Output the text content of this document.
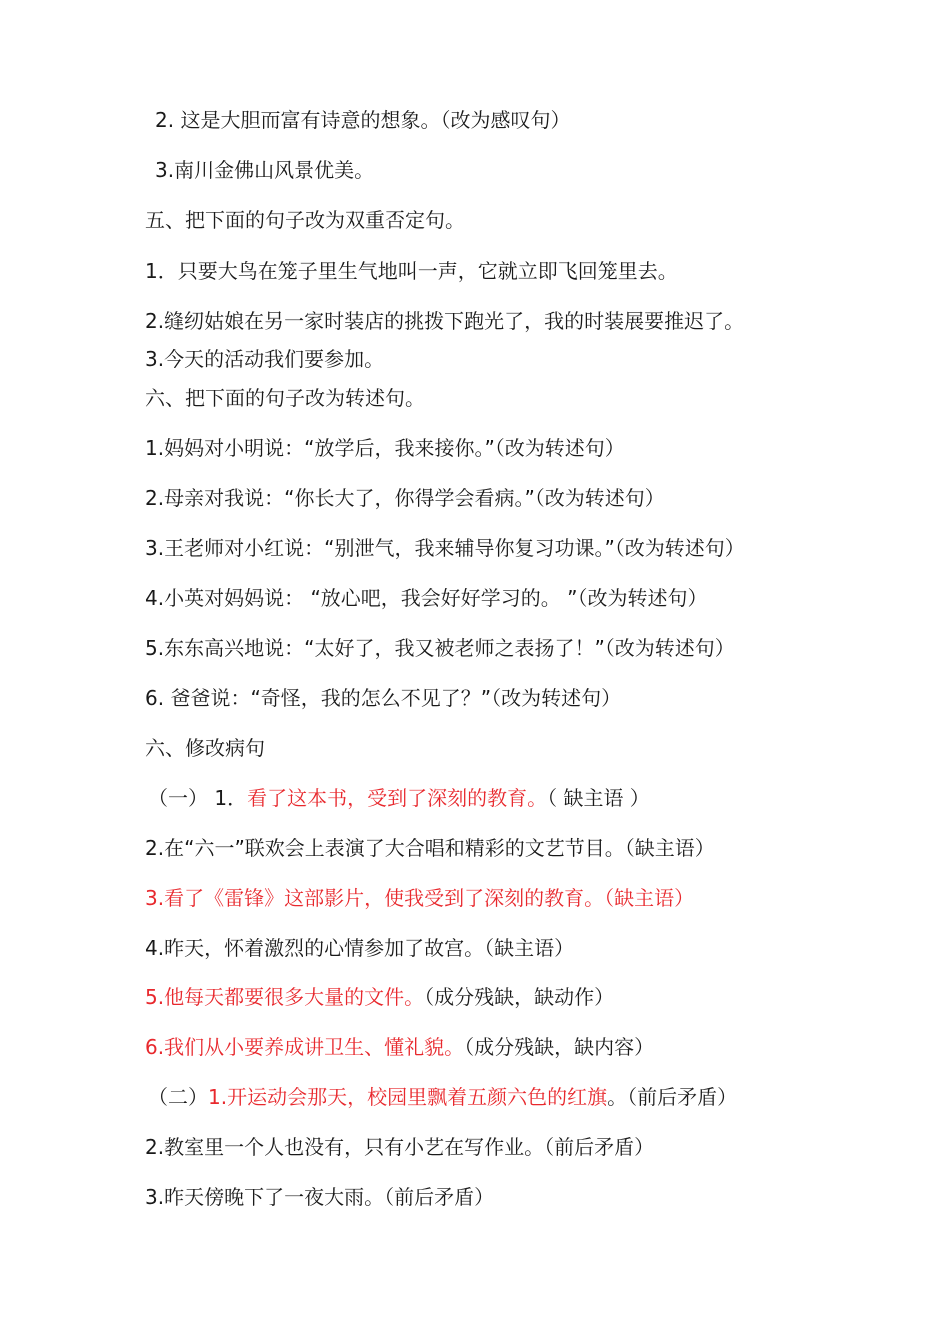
2. 这是大胆而富有诗意的想象。（改为感叹句）
3.南川金佛山风景优美。
五、把下面的句子改为双重否定句。
1．只要大鸟在笼子里生气地叫一声，它就立即飞回笼里去。
2.缝纫姑娘在另一家时装店的挑拨下跑光了，我的时装展要推迟了。
3.今天的活动我们要参加。
六、把下面的句子改为转述句。
1.妈妈对小明说：“放学后，我来接你。”（改为转述句）
2.母亲对我说：“你长大了，你得学会看病。”（改为转述句）
3.王老师对小红说：“别泄气，我来辅导你复习功课。”（改为转述句）
4.小英对妈妈说： “放心吧，我会好好学习的。 ”（改为转述句）
5.东东高兴地说：“太好了，我又被老师之表扬了！”（改为转述句）
6. 爸爸说：“奇怪，我的怎么不见了？”（改为转述句）
六、修改病句
（一） 1．看了这本书，受到了深刻的教育。（ 缺主语 ）
2.在“六一”联欢会上表演了大合唱和精彩的文艺节目。（缺主语）
3.看了《雷锋》这部影片，使我受到了深刻的教育。（缺主语）
4.昨天，怀着激烈的心情参加了故宫。（缺主语）
5.他每天都要很多大量的文件。（成分残缺，缺动作）
6.我们从小要养成讲卫生、懂礼貌。（成分残缺，缺内容）
（二）1.开运动会那天，校园里飘着五颜六色的红旗。（前后矛盾）
2.教室里一个人也没有，只有小艺在写作业。（前后矛盾）
3.昨天傍晚下了一夜大雨。（前后矛盾）
